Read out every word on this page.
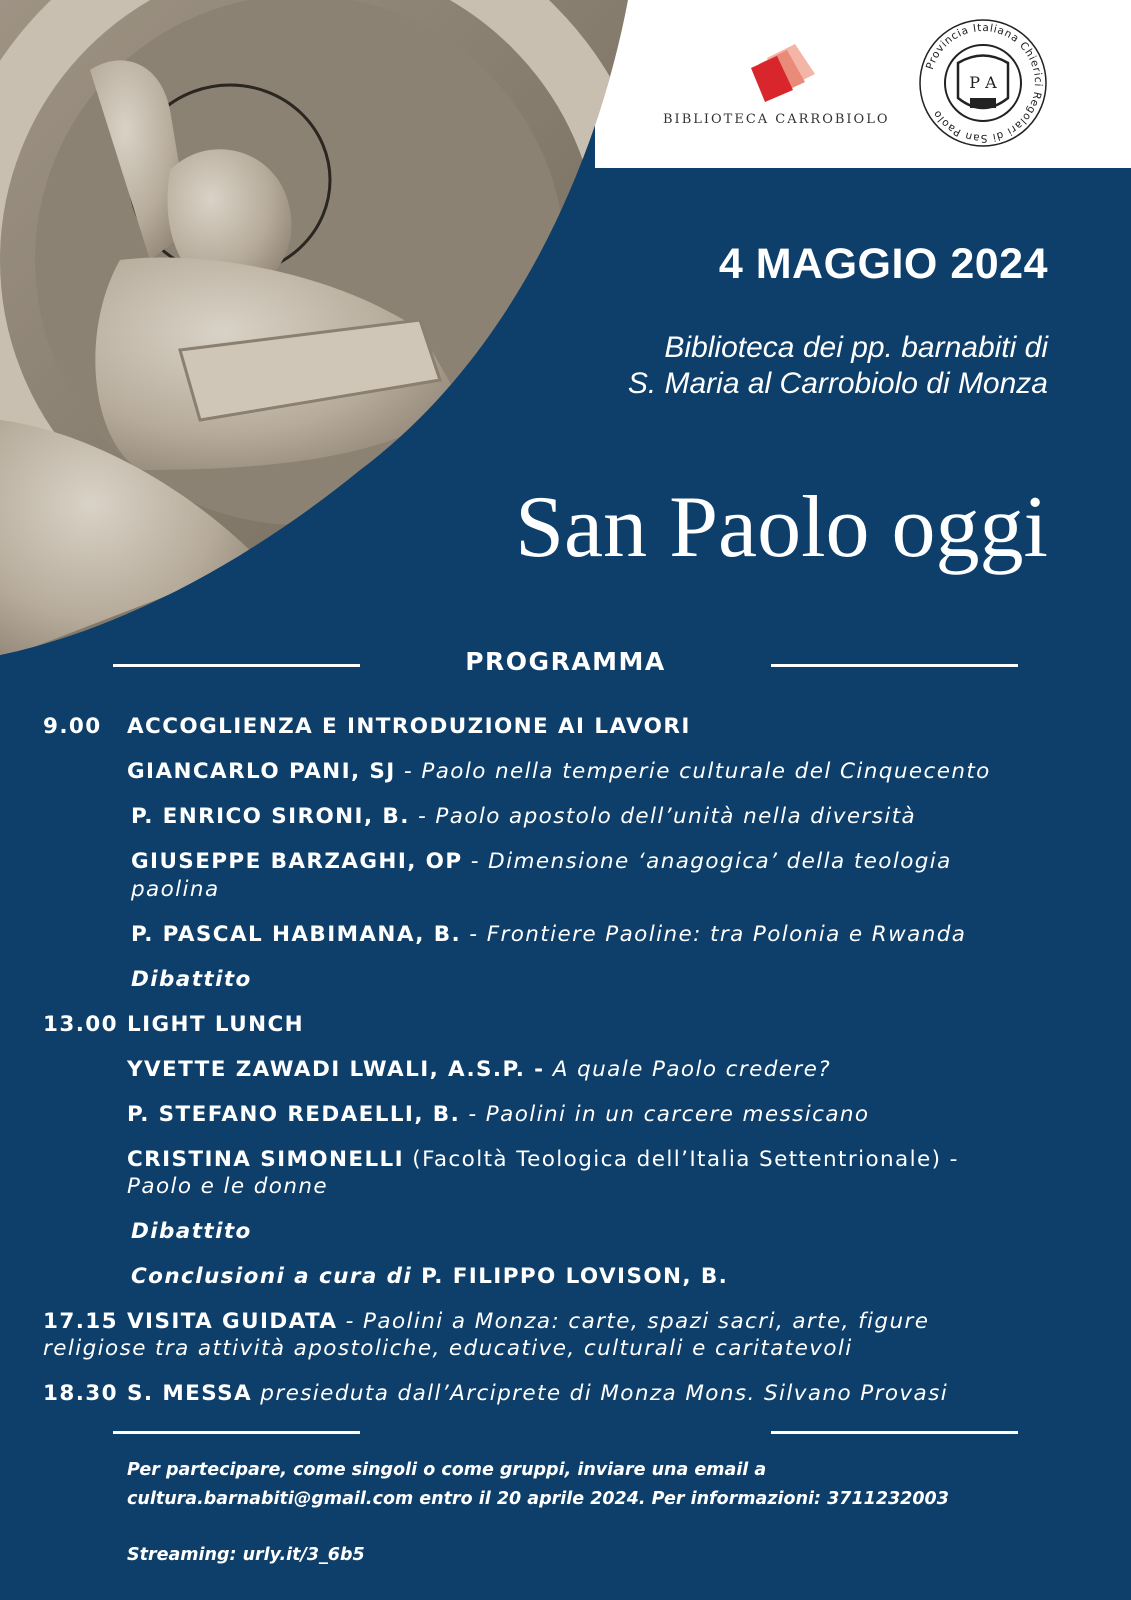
BIBLIOTECA CARROBIOLO
Provincia Italiana Chierici Regolari di San Paolo
P A
4 MAGGIO 2024
Biblioteca dei pp. barnabiti di
S. Maria al Carrobiolo di Monza
San Paolo oggi
PROGRAMMA
9.00 ACCOGLIENZA E INTRODUZIONE AI LAVORI
GIANCARLO PANI, SJ - Paolo nella temperie culturale del Cinquecento
P. ENRICO SIRONI, B. - Paolo apostolo dell’unità nella diversità
GIUSEPPE BARZAGHI, OP - Dimensione ‘anagogica’ della teologia
paolina
P. PASCAL HABIMANA, B. - Frontiere Paoline: tra Polonia e Rwanda
Dibattito
13.00 LIGHT LUNCH
YVETTE ZAWADI LWALI, A.S.P. - A quale Paolo credere?
P. STEFANO REDAELLI, B. - Paolini in un carcere messicano
CRISTINA SIMONELLI (Facoltà Teologica dell’Italia Settentrionale) -
Paolo e le donne
Dibattito
Conclusioni a cura di P. FILIPPO LOVISON, B.
17.15 VISITA GUIDATA - Paolini a Monza: carte, spazi sacri, arte, figure
religiose tra attività apostoliche, educative, culturali e caritatevoli
18.30 S. MESSA presieduta dall’Arciprete di Monza Mons. Silvano Provasi
Per partecipare, come singoli o come gruppi, inviare una email a
cultura.barnabiti@gmail.com entro il 20 aprile 2024. Per informazioni: 3711232003
Streaming: urly.it/3_6b5
